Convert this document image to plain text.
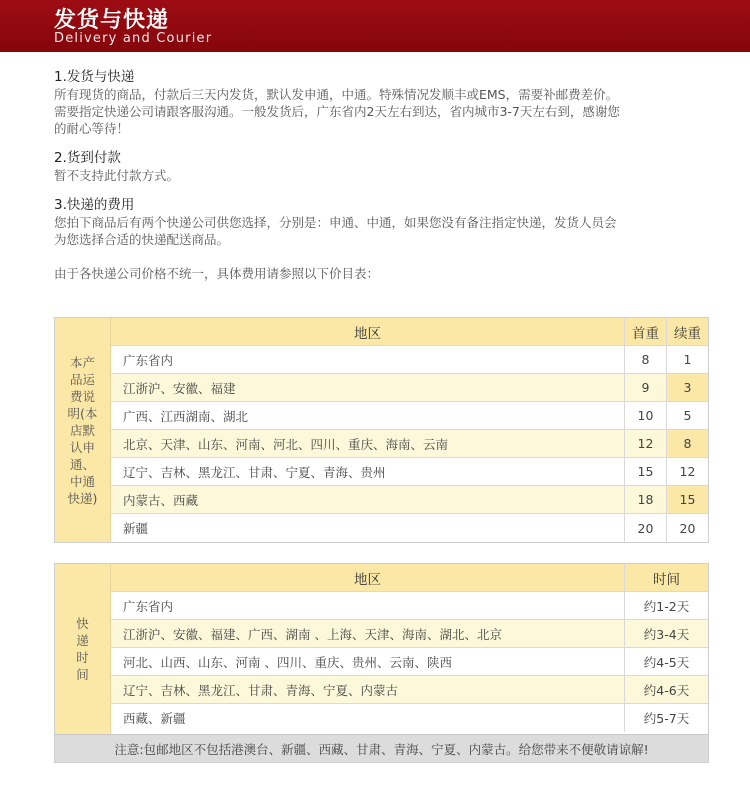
发货与快递
Delivery and Courier
1.发货与快递

所有现货的商品，付款后三天内发货，默认发申通，中通。特殊情况发顺丰或EMS，需要补邮费差价。

需要指定快递公司请跟客服沟通。一般发货后，广东省内2天左右到达，省内城市3-7天左右到，感谢您

的耐心等待！

2.货到付款

暂不支持此付款方式。

3.快递的费用

您拍下商品后有两个快递公司供您选择，分别是：申通、中通，如果您没有备注指定快递，发货人员会

为您选择合适的快递配送商品。

由于各快递公司价格不统一，具体费用请参照以下价目表：

本产品运费说明(本店默认申通、中通快递)
地区	首重	续重
广东省内	8	1
江浙沪、安徽、福建	9	3
广西、江西湖南、湖北	10	5
北京、天津、山东、河南、河北、四川、重庆、海南、云南	12	8
辽宁、吉林、黑龙江、甘肃、宁夏、青海、贵州	15	12
内蒙古、西藏	18	15
新疆	20	20
快递时间
地区	时间
广东省内	约1-2天
江浙沪、安徽、福建、广西、湖南 、上海、天津、海南、湖北、北京	约3-4天
河北、山西、山东、河南 、四川、重庆、贵州、云南、陕西	约4-5天
辽宁、吉林、黑龙江、甘肃、青海、宁夏、内蒙古	约4-6天
西藏、新疆	约5-7天
注意:包邮地区不包括港澳台、新疆、西藏、甘肃、青海、宁夏、内蒙古。给您带来不便敬请谅解!
